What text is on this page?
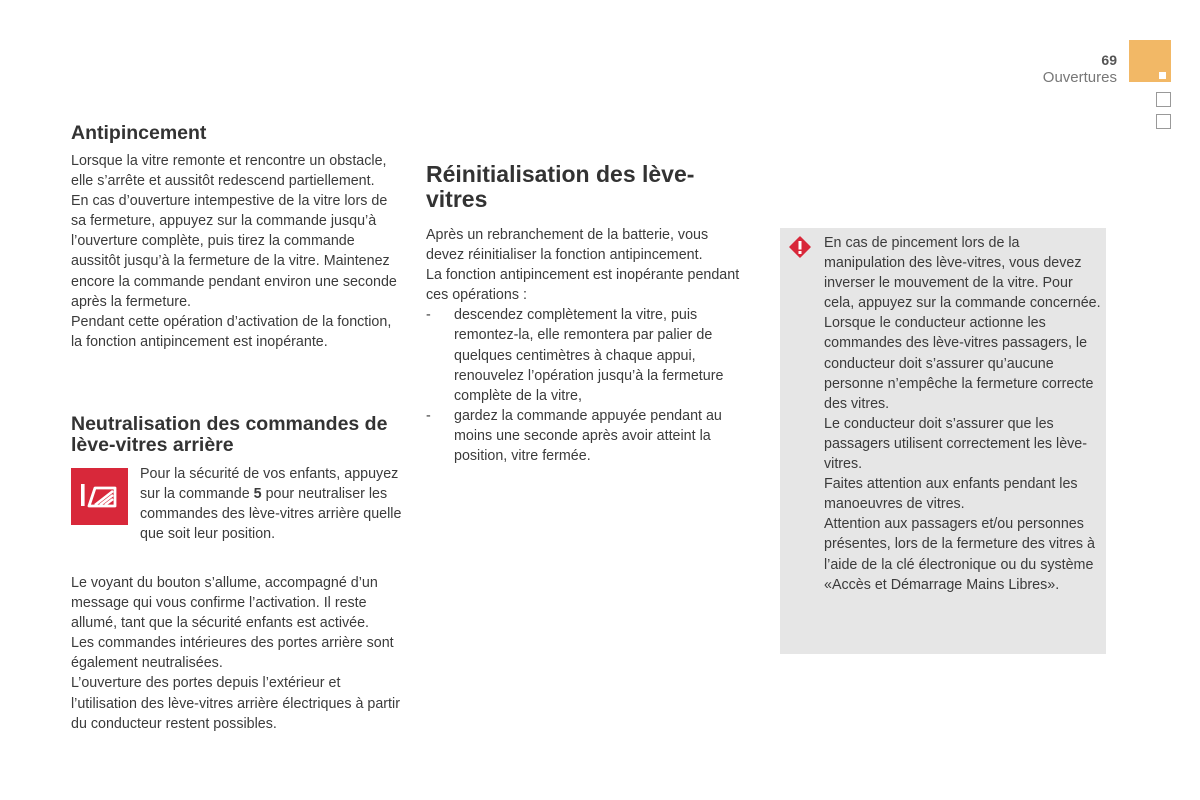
69
Ouvertures
Antipincement

Lorsque la vitre remonte et rencontre un obstacle, elle s’arrête et aussitôt redescend partiellement.

En cas d’ouverture intempestive de la vitre lors de sa fermeture, appuyez sur la commande jusqu’à l’ouverture complète, puis tirez la commande aussitôt jusqu’à la fermeture de la vitre. Maintenez encore la commande pendant environ une seconde après la fermeture.

Pendant cette opération d’activation de la fonction, la fonction antipincement est inopérante.

Neutralisation des commandes de lève-vitres arrière

Pour la sécurité de vos enfants, appuyez sur la commande 5 pour neutraliser les commandes des lève-vitres arrière quelle que soit leur position.

Le voyant du bouton s’allume, accompagné d’un message qui vous confirme l’activation. Il reste allumé, tant que la sécurité enfants est activée.

Les commandes intérieures des portes arrière sont également neutralisées.

L’ouverture des portes depuis l’extérieur et l’utilisation des lève-vitres arrière électriques à partir du conducteur restent possibles.

Réinitialisation des lève-vitres

Après un rebranchement de la batterie, vous devez réinitialiser la fonction antipincement.

La fonction antipincement est inopérante pendant ces opérations :

- descendez complètement la vitre, puis remontez-la, elle remontera par palier de quelques centimètres à chaque appui, renouvelez l’opération jusqu’à la fermeture complète de la vitre,
- gardez la commande appuyée pendant au moins une seconde après avoir atteint la position, vitre fermée.

En cas de pincement lors de la manipulation des lève-vitres, vous devez inverser le mouvement de la vitre. Pour cela, appuyez sur la commande concernée.

Lorsque le conducteur actionne les commandes des lève-vitres passagers, le conducteur doit s’assurer qu’aucune personne n’empêche la fermeture correcte des vitres.

Le conducteur doit s’assurer que les passagers utilisent correctement les lève-vitres.

Faites attention aux enfants pendant les manoeuvres de vitres.

Attention aux passagers et/ou personnes présentes, lors de la fermeture des vitres à l’aide de la clé électronique ou du système «Accès et Démarrage Mains Libres».
